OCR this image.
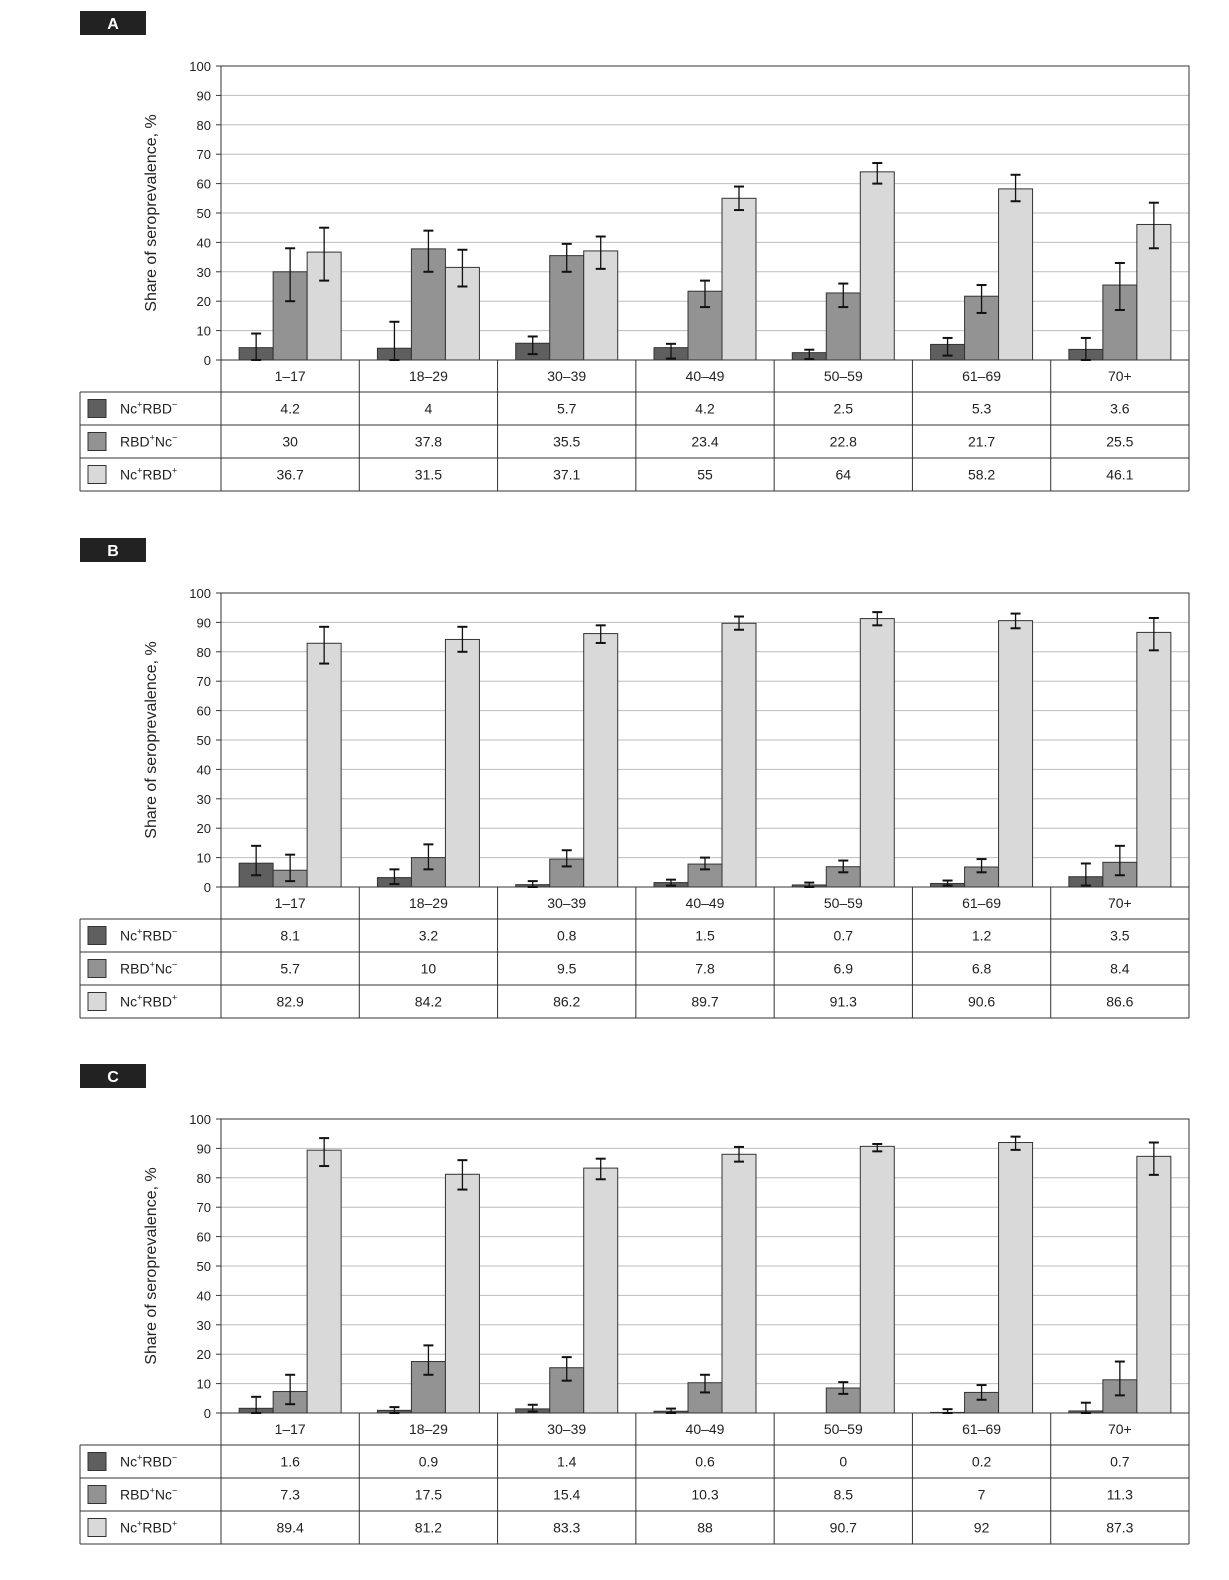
A
0
10
20
30
40
50
60
70
80
90
100
Share of seroprevalence, %
1–17	18–29	30–39	40–49	50–59	61–69	70+
Nc+RBD−	4.2	4	5.7	4.2	2.5	5.3	3.6
RBD+Nc−	30	37.8	35.5	23.4	22.8	21.7	25.5
Nc+RBD+	36.7	31.5	37.1	55	64	58.2	46.1
B
0
10
20
30
40
50
60
70
80
90
100
Share of seroprevalence, %
1–17	18–29	30–39	40–49	50–59	61–69	70+
Nc+RBD−	8.1	3.2	0.8	1.5	0.7	1.2	3.5
RBD+Nc−	5.7	10	9.5	7.8	6.9	6.8	8.4
Nc+RBD+	82.9	84.2	86.2	89.7	91.3	90.6	86.6
C
0
10
20
30
40
50
60
70
80
90
100
Share of seroprevalence, %
1–17	18–29	30–39	40–49	50–59	61–69	70+
Nc+RBD−	1.6	0.9	1.4	0.6	0	0.2	0.7
RBD+Nc−	7.3	17.5	15.4	10.3	8.5	7	11.3
Nc+RBD+	89.4	81.2	83.3	88	90.7	92	87.3
